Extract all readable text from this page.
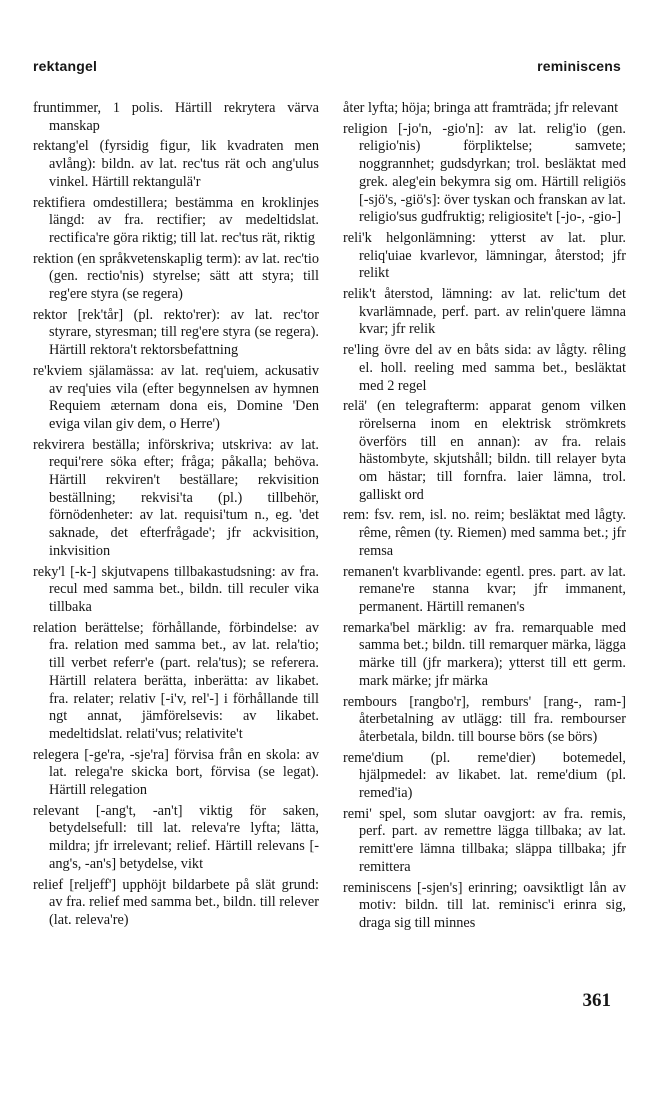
rektangel	reminiscens

fruntimmer, 1 polis. Härtill rekrytera värva manskap

rektang'el (fyrsidig figur, lik kvadraten men avlång): bildn. av lat. rec'tus rät och ang'ulus vinkel. Härtill rektangulä'r

rektifiera omdestillera; bestämma en kroklinjes längd: av fra. rectifier; av medeltidslat. rectifica're göra riktig; till lat. rec'tus rät, riktig

rektion (en språkvetenskaplig term): av lat. rec'tio (gen. rectio'nis) styrelse; sätt att styra; till reg'ere styra (se regera)

rektor [rek'tår] (pl. rekto'rer): av lat. rec'tor styrare, styresman; till reg'ere styra (se regera). Härtill rektora't rektorsbefattning

re'kviem själamässa: av lat. req'uiem, ackusativ av req'uies vila (efter begynnelsen av hymnen Requiem æternam dona eis, Domine 'Den eviga vilan giv dem, o Herre')

rekvirera beställa; införskriva; utskriva: av lat. requi'rere söka efter; fråga; påkalla; behöva. Härtill rekviren't beställare; rekvisition beställning; rekvisi'ta (pl.) tillbehör, förnödenheter: av lat. requisi'tum n., eg. 'det saknade, det efterfrågade'; jfr ackvisition, inkvisition

reky'l [-k-] skjutvapens tillbakastudsning: av fra. recul med samma bet., bildn. till reculer vika tillbaka

relation berättelse; förhållande, förbindelse: av fra. relation med samma bet., av lat. rela'tio; till verbet referr'e (part. rela'tus); se referera. Härtill relatera berätta, inberätta: av likabet. fra. relater; relativ [-i'v, rel'-] i förhållande till ngt annat, jämförelsevis: av likabet. medeltidslat. relati'vus; relativite't

relegera [-ge'ra, -sje'ra] förvisa från en skola: av lat. relega're skicka bort, förvisa (se legat). Härtill relegation

relevant [-ang't, -an't] viktig för saken, betydelsefull: till lat. releva're lyfta; lätta, mildra; jfr irrelevant; relief. Härtill relevans [-ang's, -an's] betydelse, vikt

relief [reljeff'] upphöjt bildarbete på slät grund: av fra. relief med samma bet., bildn. till relever (lat. releva're)

åter lyfta; höja; bringa att framträda; jfr relevant

religion [-jo'n, -gio'n]: av lat. relig'io (gen. religio'nis) förpliktelse; samvete; noggrannhet; gudsdyrkan; trol. besläktat med grek. aleg'ein bekymra sig om. Härtill religiös [-sjö's, -giö's]: över tyskan och franskan av lat. religio'sus gudfruktig; religiosite't [-jo-, -gio-]

reli'k helgonlämning: ytterst av lat. plur. reliq'uiae kvarlevor, lämningar, återstod; jfr relikt

relik't återstod, lämning: av lat. relic'tum det kvarlämnade, perf. part. av relin'quere lämna kvar; jfr relik

re'ling övre del av en båts sida: av lågty. rêling el. holl. reeling med samma bet., besläktat med 2 regel

relä' (en telegrafterm: apparat genom vilken rörelserna inom en elektrisk strömkrets överförs till en annan): av fra. relais hästombyte, skjutshåll; bildn. till relayer byta om hästar; till fornfra. laier lämna, trol. galliskt ord

rem: fsv. rem, isl. no. reim; besläktat med lågty. rême, rêmen (ty. Riemen) med samma bet.; jfr remsa

remanen't kvarblivande: egentl. pres. part. av lat. remane're stanna kvar; jfr immanent, permanent. Härtill remanen's

remarka'bel märklig: av fra. remarquable med samma bet.; bildn. till remarquer märka, lägga märke till (jfr markera); ytterst till ett germ. mark märke; jfr märka

rembours [rangbo'r], remburs' [rang-, ram-] återbetalning av utlägg: till fra. rembourser återbetala, bildn. till bourse börs (se börs)

reme'dium (pl. reme'dier) botemedel, hjälpmedel: av likabet. lat. reme'dium (pl. remed'ia)

remi' spel, som slutar oavgjort: av fra. remis, perf. part. av remettre lägga tillbaka; av lat. remitt'ere lämna tillbaka; släppa tillbaka; jfr remittera

reminiscens [-sjen's] erinring; oavsiktligt lån av motiv: bildn. till lat. reminisc'i erinra sig, draga sig till minnes

361
